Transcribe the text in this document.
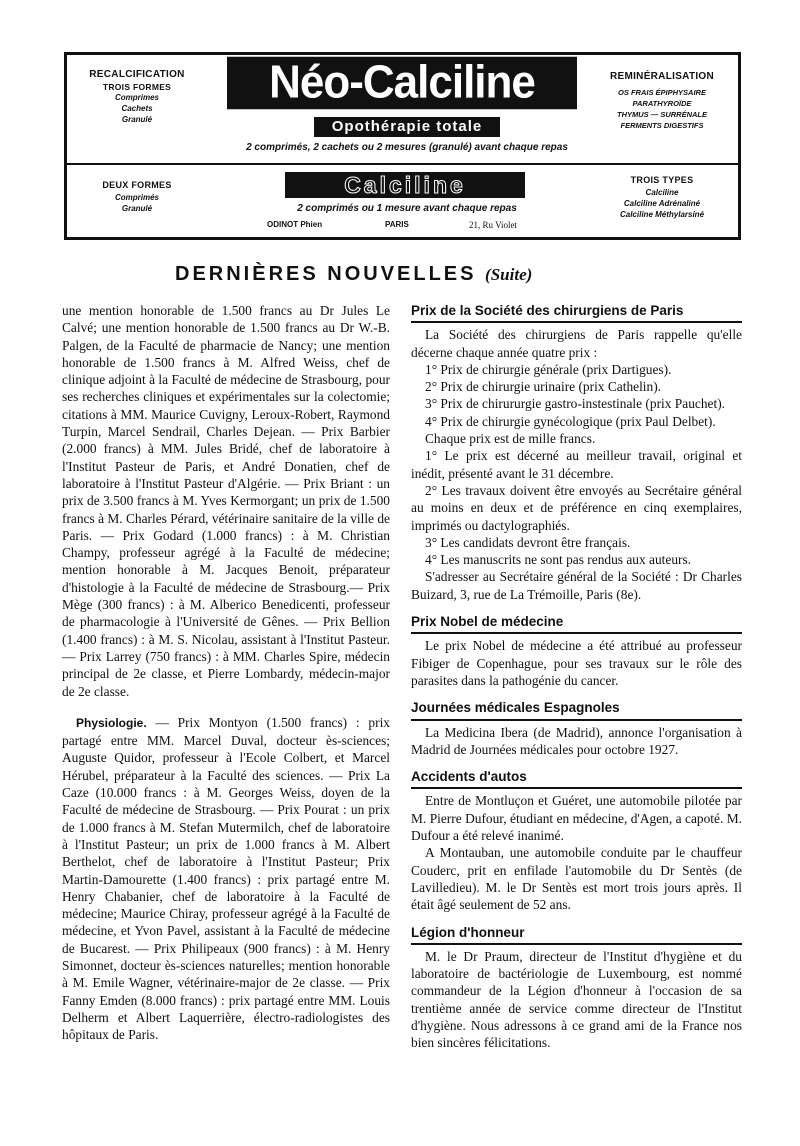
RECALCIFICATION
TROIS FORMES
Comprimes
Cachets
Granulé
REMINÉRALISATION
OS FRAIS ÉPIPHYSAIRE
PARATHYROÏDE
THYMUS — SURRÉNALE
FERMENTS DIGESTIFS
Néo-Calciline
Opothérapie totale
2 comprimés, 2 cachets ou 2 mesures (granulé) avant chaque repas
DEUX FORMES
Comprimés
Granulé
TROIS TYPES
Calciline
Calciline Adrénaliné
Calciline Méthylarsiné
Calciline
2 comprimés ou 1 mesure avant chaque repas
ODINOT Phien	PARIS	21, Ru Violet
DERNIÈRES NOUVELLES (Suite)

une mention honorable de 1.500 francs au Dr Jules Le Calvé; une mention honorable de 1.500 francs au Dr W.-B. Palgen, de la Faculté de pharmacie de Nancy; une mention honorable de 1.500 francs à M. Alfred Weiss, chef de clinique adjoint à la Faculté de médecine de Strasbourg, pour ses recherches cliniques et expérimentales sur la colectomie; citations à MM. Maurice Cuvigny, Leroux-Robert, Raymond Turpin, Marcel Sendrail, Charles Dejean. — Prix Barbier (2.000 francs) à MM. Jules Bridé, chef de laboratoire à l'Institut Pasteur de Paris, et André Donatien, chef de laboratoire à l'Institut Pasteur d'Algérie. — Prix Briant : un prix de 3.500 francs à M. Yves Kermorgant; un prix de 1.500 francs à M. Charles Pérard, vétérinaire sanitaire de la ville de Paris. — Prix Godard (1.000 francs) : à M. Christian Champy, professeur agrégé à la Faculté de médecine; mention honorable à M. Jacques Benoit, préparateur d'histologie à la Faculté de médecine de Strasbourg.— Prix Mège (300 francs) : à M. Alberico Benedicenti, professeur de pharmacologie à l'Université de Gênes. — Prix Bellion (1.400 francs) : à M. S. Nicolau, assistant à l'Institut Pasteur. — Prix Larrey (750 francs) : à MM. Charles Spire, médecin principal de 2e classe, et Pierre Lombardy, médecin-major de 2e classe.

Physiologie. — Prix Montyon (1.500 francs) : prix partagé entre MM. Marcel Duval, docteur ès-sciences; Auguste Quidor, professeur à l'Ecole Colbert, et Marcel Hérubel, préparateur à la Faculté des sciences. — Prix La Caze (10.000 francs : à M. Georges Weiss, doyen de la Faculté de médecine de Strasbourg. — Prix Pourat : un prix de 1.000 francs à M. Stefan Mutermilch, chef de laboratoire à l'Institut Pasteur; un prix de 1.000 francs à M. Albert Berthelot, chef de laboratoire à l'Institut Pasteur; Prix Martin-Damourette (1.400 francs) : prix partagé entre M. Henry Chabanier, chef de laboratoire à la Faculté de médecine; Maurice Chiray, professeur agrégé à la Faculté de médecine, et Yvon Pavel, assistant à la Faculté de médecine de Bucarest. — Prix Philipeaux (900 francs) : à M. Henry Simonnet, docteur ès-sciences naturelles; mention honorable à M. Emile Wagner, vétérinaire-major de 2e classe. — Prix Fanny Emden (8.000 francs) : prix partagé entre MM. Louis Delherm et Albert Laquerrière, électro-radiologistes des hôpitaux de Paris.

Prix de la Société des chirurgiens de Paris

La Société des chirurgiens de Paris rappelle qu'elle décerne chaque année quatre prix :

1° Prix de chirurgie générale (prix Dartigues).

2° Prix de chirurgie urinaire (prix Cathelin).

3° Prix de chirururgie gastro-instestinale (prix Pauchet).

4° Prix de chirurgie gynécologique (prix Paul Delbet).

Chaque prix est de mille francs.

1° Le prix est décerné au meilleur travail, original et inédit, présenté avant le 31 décembre.

2° Les travaux doivent être envoyés au Secrétaire général au moins en deux et de préférence en cinq exemplaires, imprimés ou dactylographiés.

3° Les candidats devront être français.

4° Les manuscrits ne sont pas rendus aux auteurs.

S'adresser au Secrétaire général de la Société : Dr Charles Buizard, 3, rue de La Trémoille, Paris (8e).

Prix Nobel de médecine

Le prix Nobel de médecine a été attribué au professeur Fibiger de Copenhague, pour ses travaux sur le rôle des parasites dans la pathogénie du cancer.

Journées médicales Espagnoles

La Medicina Ibera (de Madrid), annonce l'organisation à Madrid de Journées médicales pour octobre 1927.

Accidents d'autos

Entre de Montluçon et Guéret, une automobile pilotée par M. Pierre Dufour, étudiant en médecine, d'Agen, a capoté. M. Dufour a été relevé inanimé.

A Montauban, une automobile conduite par le chauffeur Couderc, prit en enfilade l'automobile du Dr Sentès (de Lavilledieu). M. le Dr Sentès est mort trois jours après. Il était âgé seulement de 52 ans.

Légion d'honneur

M. le Dr Praum, directeur de l'Institut d'hygiène et du laboratoire de bactériologie de Luxembourg, est nommé commandeur de la Légion d'honneur à l'occasion de sa trentième année de service comme directeur de l'Institut d'hygiène. Nous adressons à ce grand ami de la France nos bien sincères félicitations.
